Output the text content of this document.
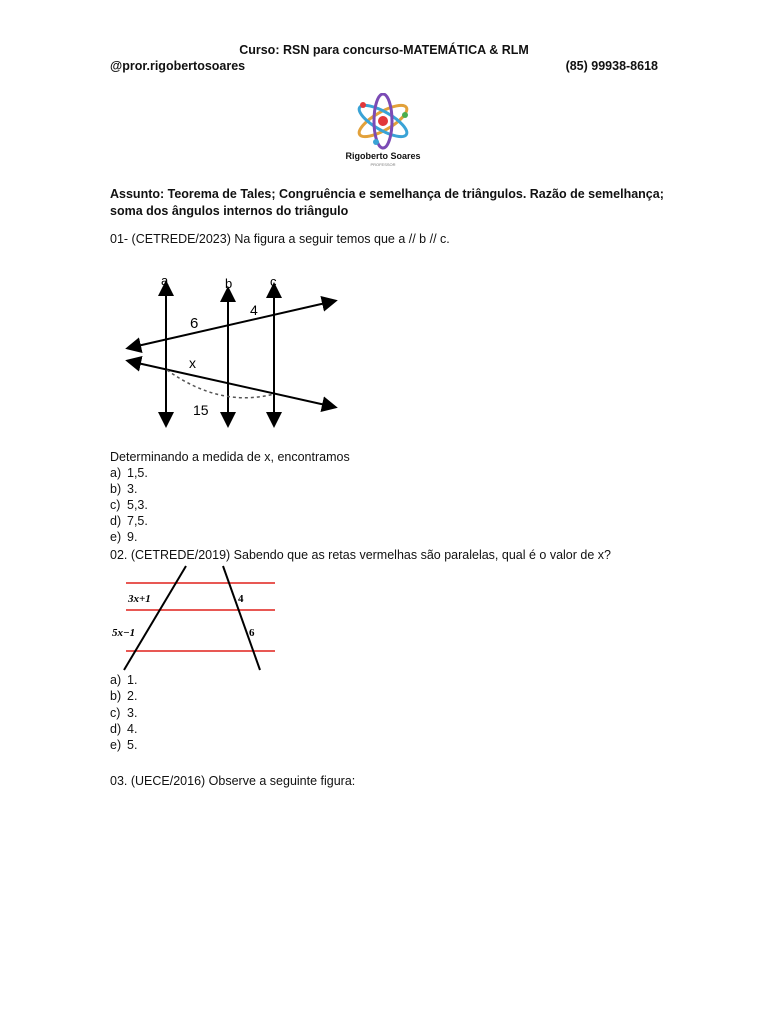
Curso: RSN para concurso-MATEMÁTICA & RLM
@pror.rigobertosoares	(85) 99938-8618
Rigoberto Soares
PROFESSOR
Assunto: Teorema de Tales; Congruência e semelhança de triângulos. Razão de semelhança;
soma dos ângulos internos do triângulo
01- (CETREDE/2023) Na figura a seguir temos que a // b // c.
a	b	c
6
4
x
15
Determinando a medida de x, encontramos
a) 1,5.
b) 3.
c) 5,3.
d) 7,5.
e) 9.
02. (CETREDE/2019) Sabendo que as retas vermelhas são paralelas, qual é o valor de x?
3x+1
5x−1
4
6
a) 1.
b) 2.
c) 3.
d) 4.
e) 5.
03. (UECE/2016) Observe a seguinte figura:
